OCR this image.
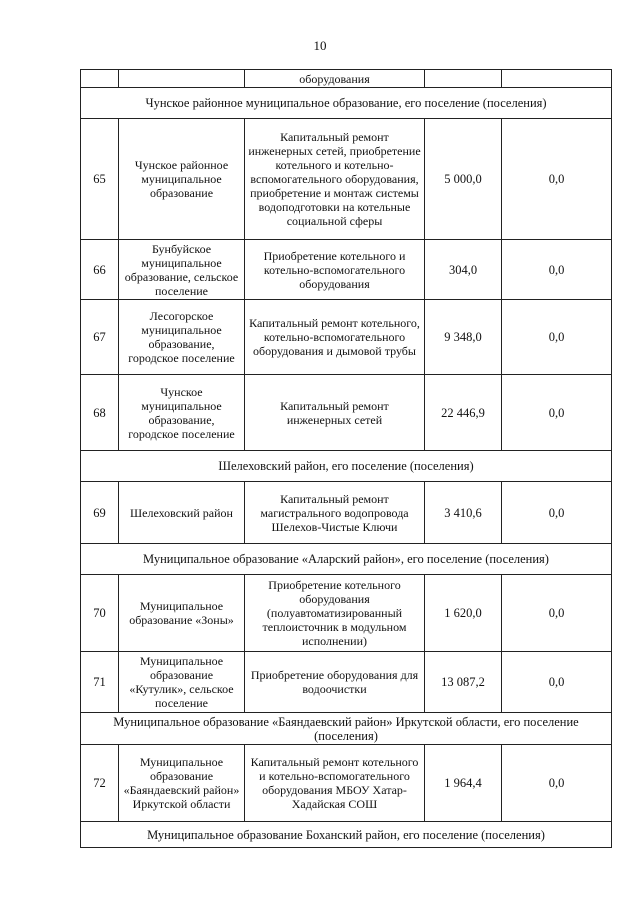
10
		оборудования		
Чунское районное муниципальное образование, его поселение (поселения)				
65	Чунское районное муниципальное образование	Капитальный ремонт инженерных сетей, приобретение котельного и котельно-вспомогательного оборудования, приобретение и монтаж системы водоподготовки на котельные социальной сферы	5 000,0	0,0
66	Бунбуйское муниципальное образование, сельское поселение	Приобретение котельного и котельно-вспомогательного оборудования	304,0	0,0
67	Лесогорское муниципальное образование, городское поселение	Капитальный ремонт котельного, котельно-вспомогательного оборудования и дымовой трубы	9 348,0	0,0
68	Чунское муниципальное образование, городское поселение	Капитальный ремонт инженерных сетей	22 446,9	0,0
Шелеховский район, его поселение (поселения)				
69	Шелеховский район	Капитальный ремонт магистрального водопровода Шелехов-Чистые Ключи	3 410,6	0,0
Муниципальное образование «Аларский район», его поселение (поселения)				
70	Муниципальное образование «Зоны»	Приобретение котельного оборудования (полуавтоматизированный теплоисточник в модульном исполнении)	1 620,0	0,0
71	Муниципальное образование «Кутулик», сельское поселение	Приобретение оборудования для водоочистки	13 087,2	0,0
Муниципальное образование «Баяндаевский район» Иркутской области, его поселение (поселения)				
72	Муниципальное образование «Баяндаевский район» Иркутской области	Капитальный ремонт котельного и котельно-вспомогательного оборудования МБОУ Хатар-Хадайская СОШ	1 964,4	0,0
Муниципальное образование Боханский район, его поселение (поселения)				
